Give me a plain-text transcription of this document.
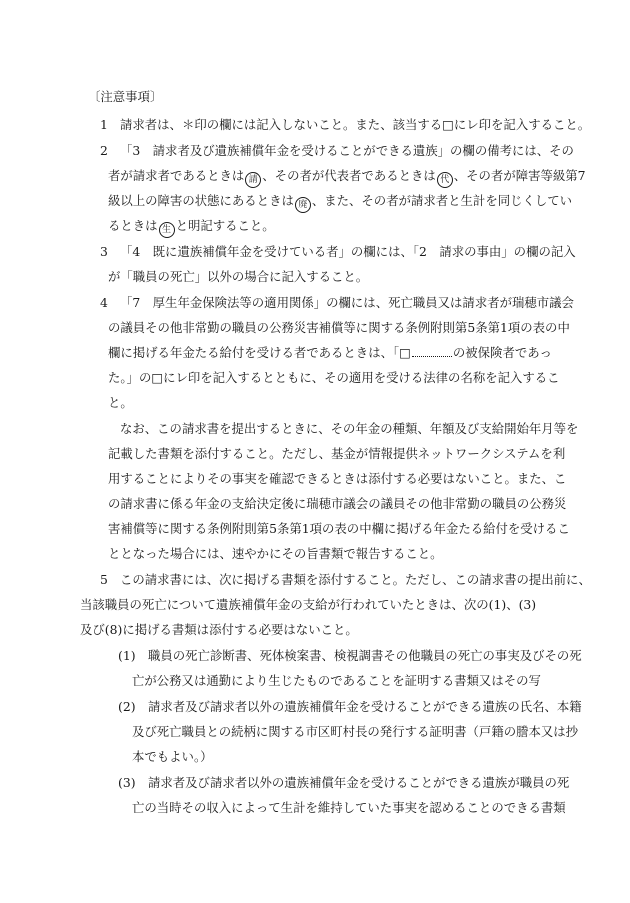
〔注意事項〕
1 請求者は、＊印の欄には記入しないこと。また、該当する□にレ印を記入すること。
2 「3　請求者及び遺族補償年金を受けることができる遺族」の欄の備考には、その
者が請求者であるときは 請 、その者が代表者であるときは 代 、その者が障害等級第7
級以上の障害の状態にあるときは 廃 、また、その者が請求者と生計を同じくしてい
るときは 生 と明記すること。
3 「4　既に遺族補償年金を受けている者」の欄には、「2　請求の事由」の欄の記入
が「職員の死亡」以外の場合に記入すること。
4 「7　厚生年金保険法等の適用関係」の欄には、死亡職員又は請求者が瑞穂市議会
の議員その他非常勤の職員の公務災害補償等に関する条例附則第5条第1項の表の中
欄に掲げる年金たる給付を受ける者であるときは、「□	の被保険者であっ
た。」の□にレ印を記入するとともに、その適用を受ける法律の名称を記入するこ
と。
なお、この請求書を提出するときに、その年金の種類、年額及び支給開始年月等を
記載した書類を添付すること。ただし、基金が情報提供ネットワークシステムを利
用することによりその事実を確認できるときは添付する必要はないこと。また、こ
の請求書に係る年金の支給決定後に瑞穂市議会の議員その他非常勤の職員の公務災
害補償等に関する条例附則第5条第1項の表の中欄に掲げる年金たる給付を受けるこ
ととなった場合には、速やかにその旨書類で報告すること。
5 この請求書には、次に掲げる書類を添付すること。ただし、この請求書の提出前に、
当該職員の死亡について遺族補償年金の支給が行われていたときは、次の(1)、(3)
及び(8)に掲げる書類は添付する必要はないこと。
(1) 職員の死亡診断書、死体検案書、検視調書その他職員の死亡の事実及びその死
亡が公務又は通勤により生じたものであることを証明する書類又はその写
(2) 請求者及び請求者以外の遺族補償年金を受けることができる遺族の氏名、本籍
及び死亡職員との続柄に関する市区町村長の発行する証明書（戸籍の謄本又は抄
本でもよい。）
(3) 請求者及び請求者以外の遺族補償年金を受けることができる遺族が職員の死
亡の当時その収入によって生計を維持していた事実を認めることのできる書類
